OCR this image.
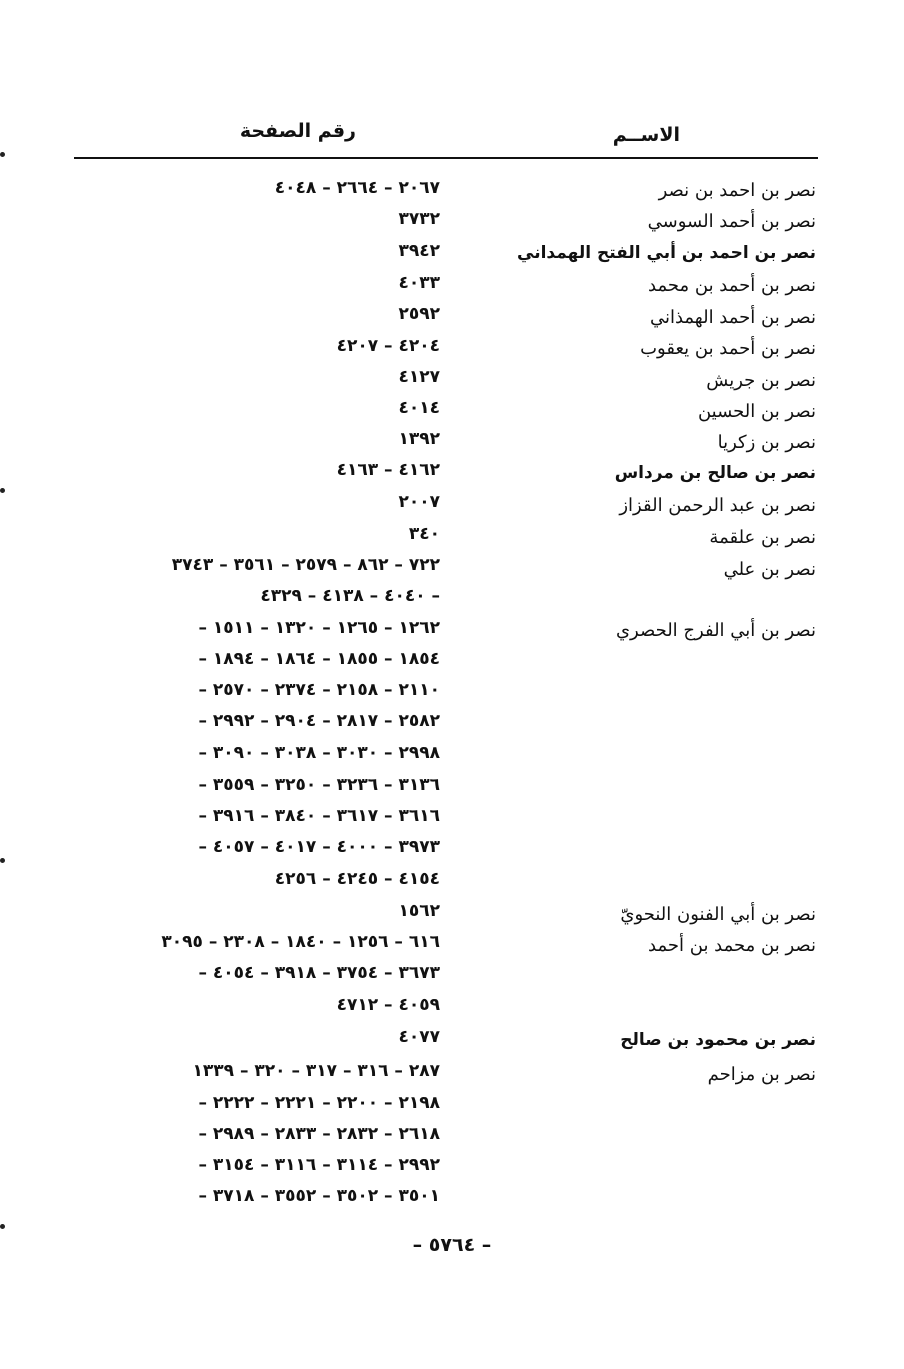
الاســم
رقم الصفحة
نصر بن احمد بن نصر
نصر بن أحمد السوسي
نصر بن احمد بن أبي الفتح الهمداني
نصر بن أحمد بن محمد
نصر بن أحمد الهمذاني
نصر بن أحمد بن يعقوب
نصر بن جريش
نصر بن الحسين
نصر بن زكريا
نصر بن صالح بن مرداس
نصر بن عبد الرحمن القزاز
نصر بن علقمة
نصر بن علي
نصر بن أبي الفرج الحصري
نصر بن أبي الفنون النحويّ
نصر بن محمد بن أحمد
نصر بن محمود بن صالح
نصر بن مزاحم
٢٠٦٧ – ٢٦٦٤ – ٤٠٤٨
٣٧٣٢
٣٩٤٢
٤٠٣٣
٢٥٩٢
٤٢٠٤ – ٤٢٠٧
٤١٢٧
٤٠١٤
١٣٩٢
٤١٦٢ – ٤١٦٣
٢٠٠٧
٣٤٠
٧٢٢ – ٨٦٢ – ٢٥٧٩ – ٣٥٦١ – ٣٧٤٣
– ٤٠٤٠ – ٤١٣٨ – ٤٣٢٩
١٢٦٢ – ١٢٦٥ – ١٣٢٠ – ١٥١١ –
١٨٥٤ – ١٨٥٥ – ١٨٦٤ – ١٨٩٤ –
٢١١٠ – ٢١٥٨ – ٢٣٧٤ – ٢٥٧٠ –
٢٥٨٢ – ٢٨١٧ – ٢٩٠٤ – ٢٩٩٢ –
٢٩٩٨ – ٣٠٣٠ – ٣٠٣٨ – ٣٠٩٠ –
٣١٣٦ – ٣٢٣٦ – ٣٢٥٠ – ٣٥٥٩ –
٣٦١٦ – ٣٦١٧ – ٣٨٤٠ – ٣٩١٦ –
٣٩٧٣ – ٤٠٠٠ – ٤٠١٧ – ٤٠٥٧ –
٤١٥٤ – ٤٢٤٥ – ٤٢٥٦
١٥٦٢
٦١٦ – ١٢٥٦ – ١٨٤٠ – ٢٣٠٨ – ٣٠٩٥
٣٦٧٣ – ٣٧٥٤ – ٣٩١٨ – ٤٠٥٤ –
٤٠٥٩ – ٤٧١٢
٤٠٧٧
٢٨٧ – ٣١٦ – ٣١٧ – ٣٢٠ – ١٣٣٩
٢١٩٨ – ٢٢٠٠ – ٢٢٢١ – ٢٢٢٢ –
٢٦١٨ – ٢٨٣٢ – ٢٨٣٣ – ٢٩٨٩ –
٢٩٩٢ – ٣١١٤ – ٣١١٦ – ٣١٥٤ –
٣٥٠١ – ٣٥٠٢ – ٣٥٥٢ – ٣٧١٨ –
– ٥٧٦٤ –
